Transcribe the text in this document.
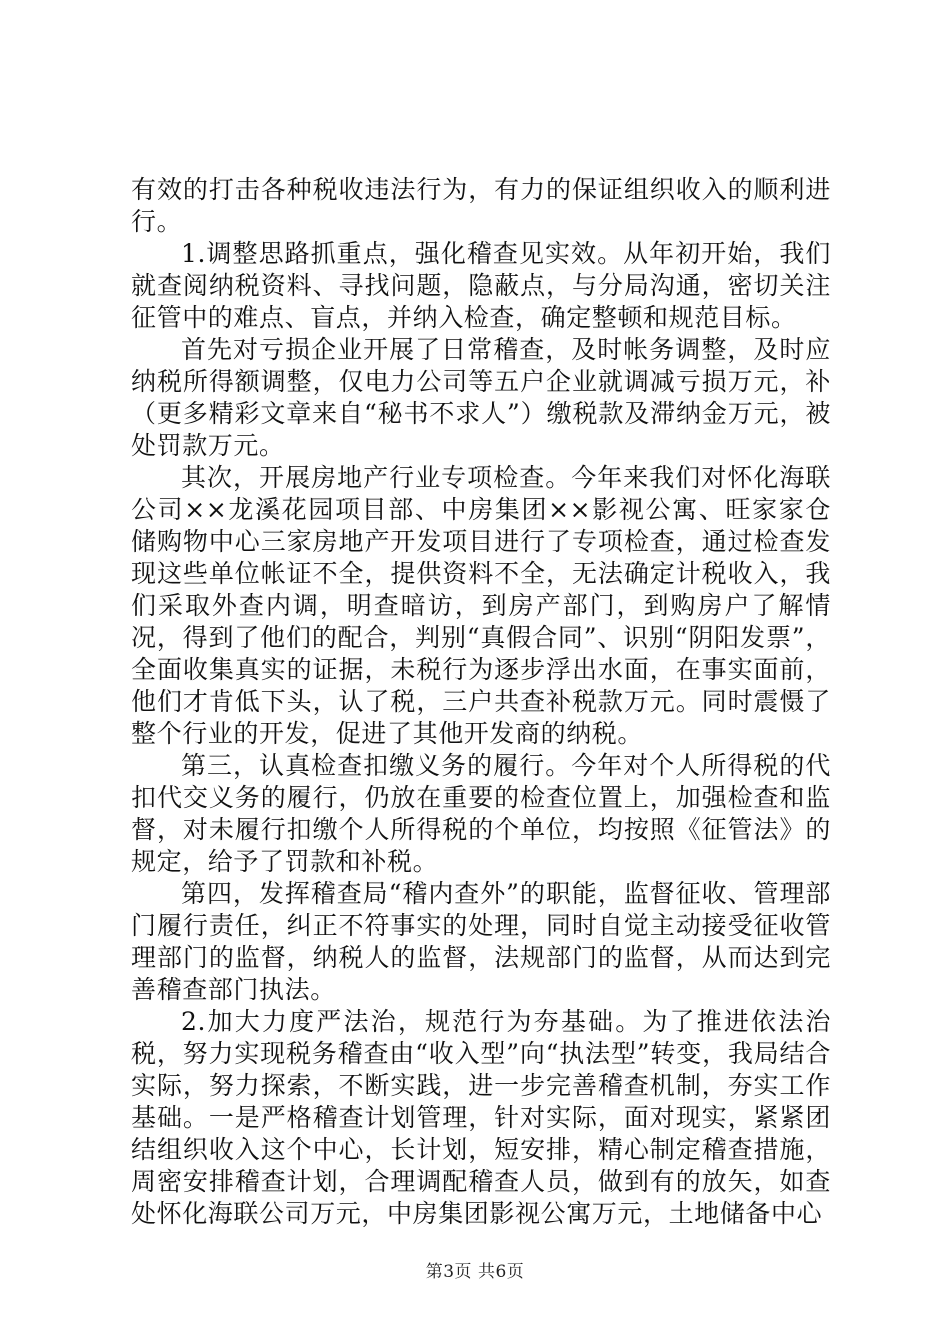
有效的打击各种税收违法行为，有力的保证组织收入的顺利进行。

1.调整思路抓重点，强化稽查见实效。从年初开始，我们就查阅纳税资料、寻找问题，隐蔽点，与分局沟通，密切关注征管中的难点、盲点，并纳入检查，确定整顿和规范目标。

首先对亏损企业开展了日常稽查，及时帐务调整，及时应纳税所得额调整，仅电力公司等五户企业就调减亏损万元，补（更多精彩文章来自“秘书不求人”）缴税款及滞纳金万元，被处罚款万元。

其次，开展房地产行业专项检查。今年来我们对怀化海联公司××龙溪花园项目部、中房集团××影视公寓、旺家家仓储购物中心三家房地产开发项目进行了专项检查，通过检查发现这些单位帐证不全，提供资料不全，无法确定计税收入，我们采取外查内调，明查暗访，到房产部门，到购房户了解情况，得到了他们的配合，判别“真假合同”、识别“阴阳发票”，全面收集真实的证据，未税行为逐步浮出水面，在事实面前，他们才肯低下头，认了税，三户共查补税款万元。同时震慑了整个行业的开发，促进了其他开发商的纳税。

第三，认真检查扣缴义务的履行。今年对个人所得税的代扣代交义务的履行，仍放在重要的检查位置上，加强检查和监督，对未履行扣缴个人所得税的个单位，均按照《征管法》的规定，给予了罚款和补税。

第四，发挥稽查局“稽内查外”的职能，监督征收、管理部门履行责任，纠正不符事实的处理，同时自觉主动接受征收管理部门的监督，纳税人的监督，法规部门的监督，从而达到完善稽查部门执法。

2.加大力度严法治，规范行为夯基础。为了推进依法治税，努力实现税务稽查由“收入型”向“执法型”转变，我局结合实际，努力探索，不断实践，进一步完善稽查机制，夯实工作基础。一是严格稽查计划管理，针对实际，面对现实，紧紧团结组织收入这个中心，长计划，短安排，精心制定稽查措施，周密安排稽查计划，合理调配稽查人员，做到有的放矢，如查处怀化海联公司万元，中房集团影视公寓万元，土地储备中心

第3页 共6页
